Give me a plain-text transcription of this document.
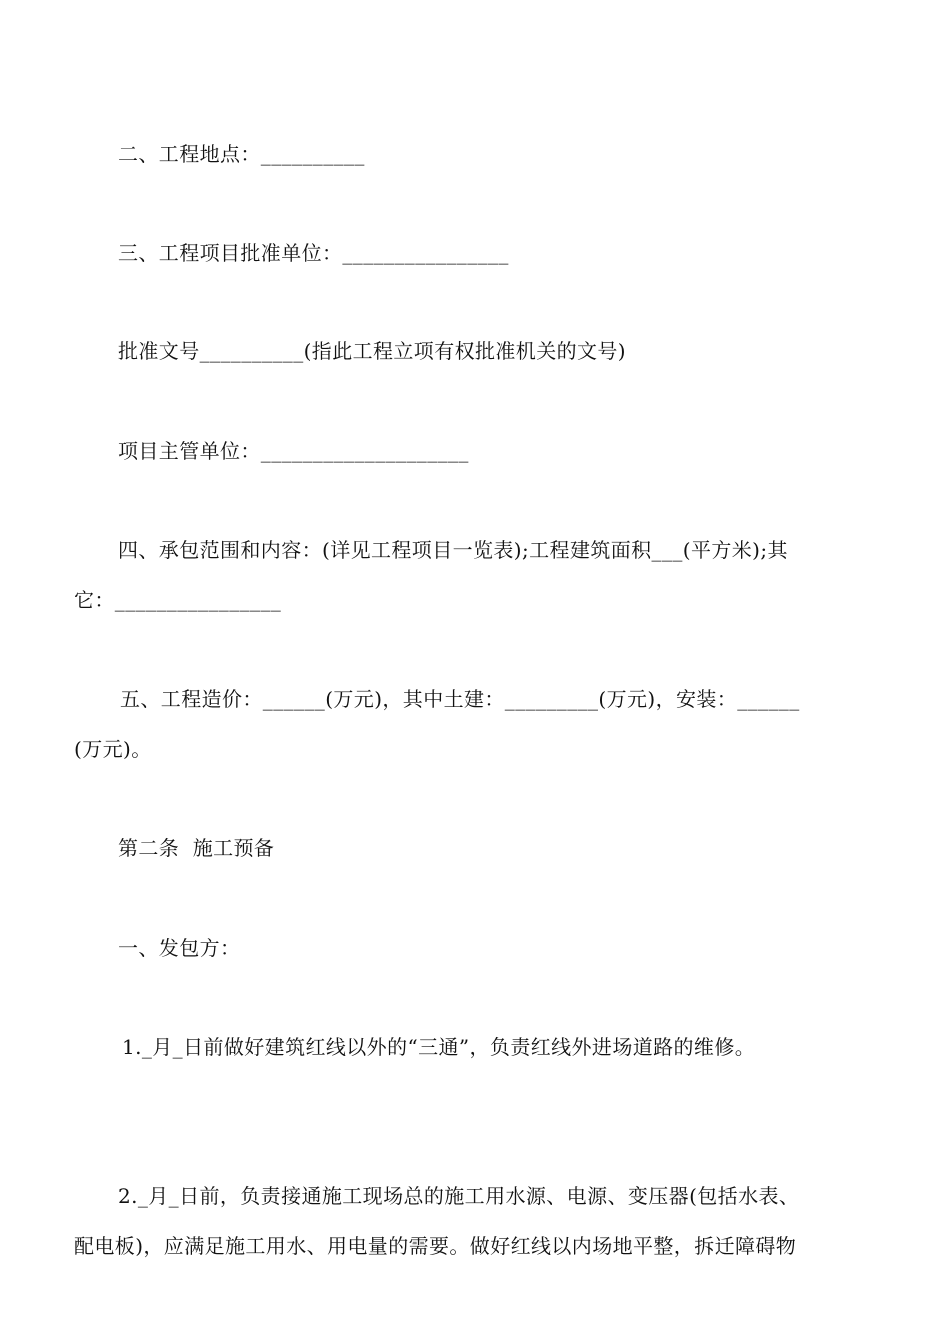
二、工程地点：__________

三、工程项目批准单位：________________

批准文号__________(指此工程立项有权批准机关的文号)

项目主管单位：____________________

四、承包范围和内容：(详见工程项目一览表);工程建筑面积___(平方米);其

它：________________

五、工程造价：______(万元)，其中土建：_________(万元)，安装：______

(万元)。

第二条  施工预备

一、发包方：

1._月_日前做好建筑红线以外的“三通”，负责红线外进场道路的维修。

2._月_日前，负责接通施工现场总的施工用水源、电源、变压器(包括水表、

配电板)，应满足施工用水、用电量的需要。做好红线以内场地平整，拆迁障碍物
